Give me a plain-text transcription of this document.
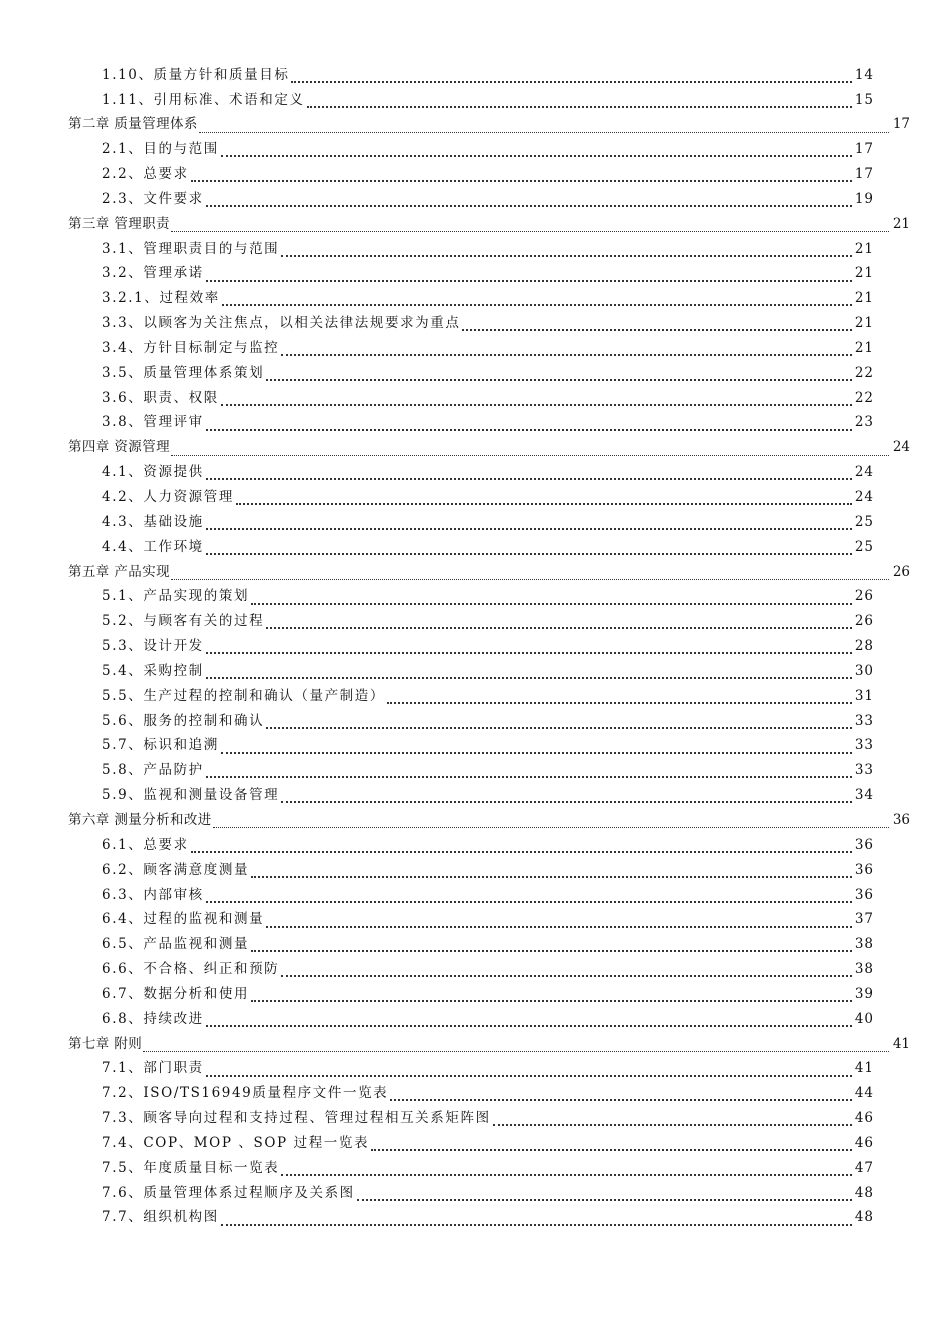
1.10、质量方针和质量目标	14
1.11、引用标准、术语和定义	15
第二章 质量管理体系	17
2.1、目的与范围	17
2.2、总要求	17
2.3、文件要求	19
第三章 管理职责	21
3.1、管理职责目的与范围	21
3.2、管理承诺	21
3.2.1、过程效率	21
3.3、以顾客为关注焦点，以相关法律法规要求为重点	21
3.4、方针目标制定与监控	21
3.5、质量管理体系策划	22
3.6、职责、权限	22
3.8、管理评审	23
第四章 资源管理	24
4.1、资源提供	24
4.2、人力资源管理	24
4.3、基础设施	25
4.4、工作环境	25
第五章 产品实现	26
5.1、产品实现的策划	26
5.2、与顾客有关的过程	26
5.3、设计开发	28
5.4、采购控制	30
5.5、生产过程的控制和确认（量产制造）	31
5.6、服务的控制和确认	33
5.7、标识和追溯	33
5.8、产品防护	33
5.9、监视和测量设备管理	34
第六章 测量分析和改进	36
6.1、总要求	36
6.2、顾客满意度测量	36
6.3、内部审核	36
6.4、过程的监视和测量	37
6.5、产品监视和测量	38
6.6、不合格、纠正和预防	38
6.7、数据分析和使用	39
6.8、持续改进	40
第七章 附则	41
7.1、部门职责	41
7.2、ISO/TS16949质量程序文件一览表	44
7.3、顾客导向过程和支持过程、管理过程相互关系矩阵图	46
7.4、COP、MOP 、SOP 过程一览表	46
7.5、年度质量目标一览表	47
7.6、质量管理体系过程顺序及关系图	48
7.7、组织机构图	48
